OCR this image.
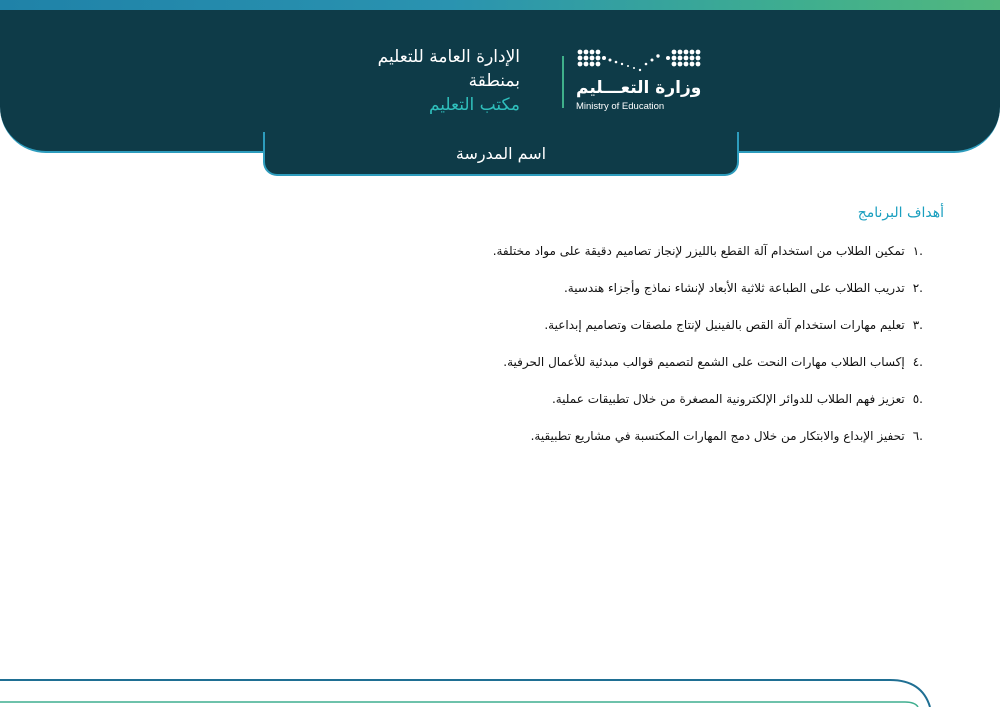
الإدارة العامة للتعليم
بمنطقة
مكتب التعليم
وزارة التعـــليم
Ministry of Education
اسم المدرسة
أهداف البرنامج
.١تمكين الطلاب من استخدام آلة القطع بالليزر لإنجاز تصاميم دقيقة على مواد مختلفة.
.٢تدريب الطلاب على الطباعة ثلاثية الأبعاد لإنشاء نماذج وأجزاء هندسية.
.٣تعليم مهارات استخدام آلة القص بالفينيل لإنتاج ملصقات وتصاميم إبداعية.
.٤إكساب الطلاب مهارات النحت على الشمع لتصميم قوالب مبدئية للأعمال الحرفية.
.٥تعزيز فهم الطلاب للدوائر الإلكترونية المصغرة من خلال تطبيقات عملية.
.٦تحفيز الإبداع والابتكار من خلال دمج المهارات المكتسبة في مشاريع تطبيقية.
